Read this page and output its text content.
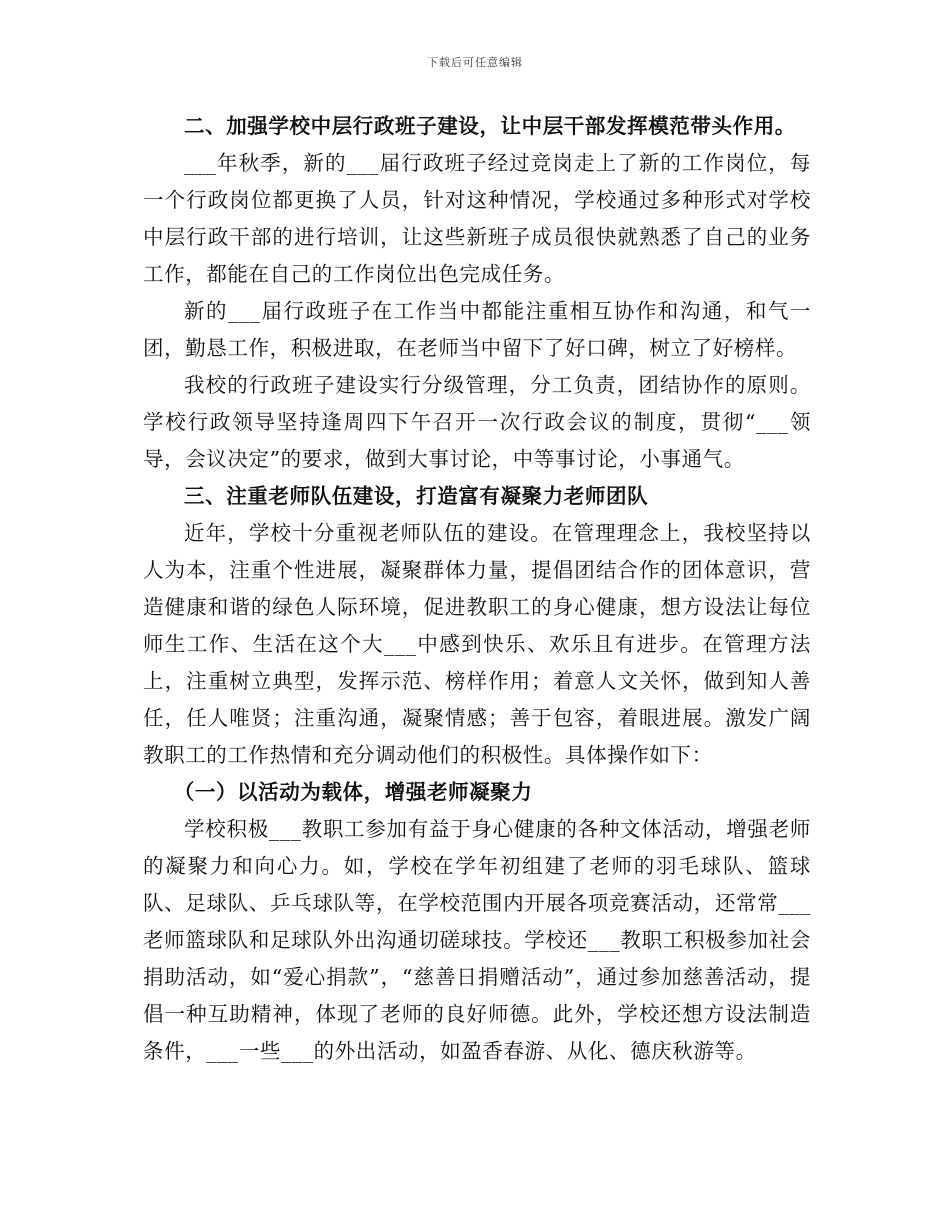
下载后可任意编辑

二、加强学校中层行政班子建设，让中层干部发挥模范带头作用。

___年秋季，新的___届行政班子经过竞岗走上了新的工作岗位，每一个行政岗位都更换了人员，针对这种情况，学校通过多种形式对学校中层行政干部的进行培训，让这些新班子成员很快就熟悉了自己的业务工作，都能在自己的工作岗位出色完成任务。

新的___届行政班子在工作当中都能注重相互协作和沟通，和气一团，勤恳工作，积极进取，在老师当中留下了好口碑，树立了好榜样。

我校的行政班子建设实行分级管理，分工负责，团结协作的原则。学校行政领导坚持逢周四下午召开一次行政会议的制度，贯彻“___领导，会议决定”的要求，做到大事讨论，中等事讨论，小事通气。

三、注重老师队伍建设，打造富有凝聚力老师团队

近年，学校十分重视老师队伍的建设。在管理理念上，我校坚持以人为本，注重个性进展，凝聚群体力量，提倡团结合作的团体意识，营造健康和谐的绿色人际环境，促进教职工的身心健康，想方设法让每位师生工作、生活在这个大___中感到快乐、欢乐且有进步。在管理方法上，注重树立典型，发挥示范、榜样作用；着意人文关怀，做到知人善任，任人唯贤；注重沟通，凝聚情感；善于包容，着眼进展。激发广阔教职工的工作热情和充分调动他们的积极性。具体操作如下：

（一）以活动为载体，增强老师凝聚力

学校积极___教职工参加有益于身心健康的各种文体活动，增强老师的凝聚力和向心力。如，学校在学年初组建了老师的羽毛球队、篮球队、足球队、乒乓球队等，在学校范围内开展各项竞赛活动，还常常___老师篮球队和足球队外出沟通切磋球技。学校还___教职工积极参加社会捐助活动，如“爱心捐款”，“慈善日捐赠活动”，通过参加慈善活动，提倡一种互助精神，体现了老师的良好师德。此外，学校还想方设法制造条件，___一些___的外出活动，如盈香春游、从化、德庆秋游等。
